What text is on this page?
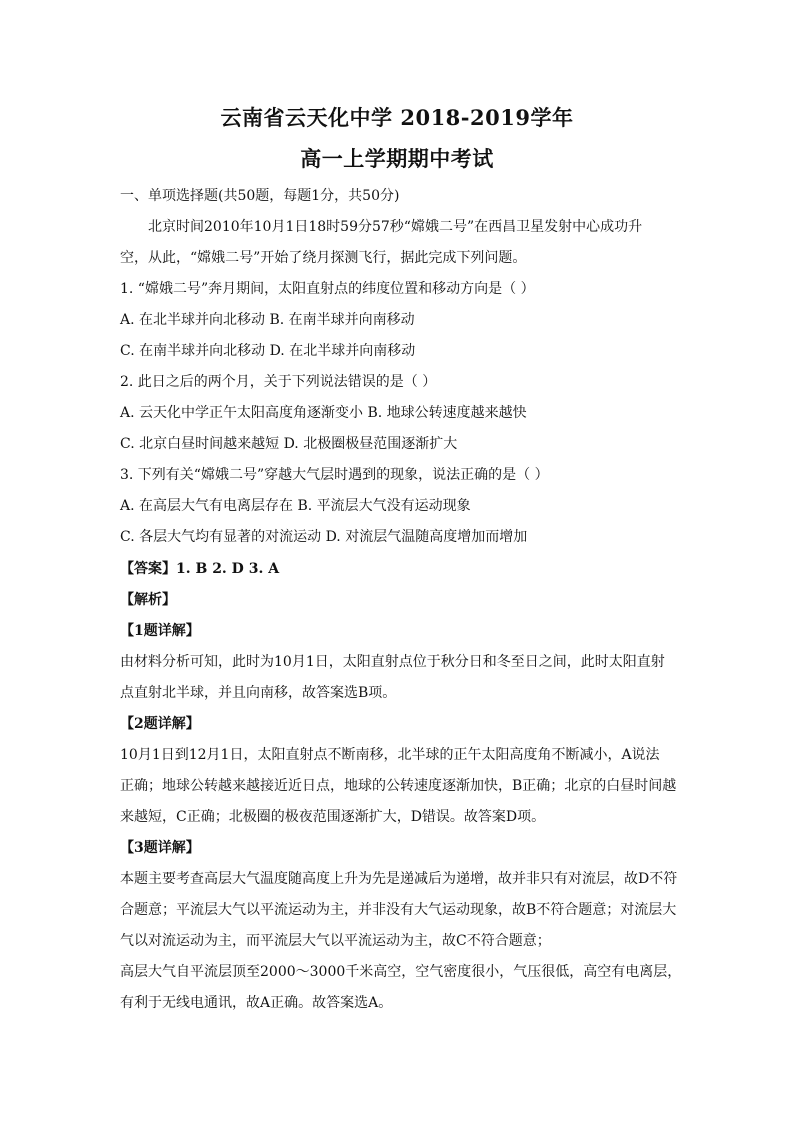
云南省云天化中学 2018-2019学年
高一上学期期中考试
一、单项选择题(共50题，每题1分，共50分)
北京时间2010年10月1日18时59分57秒“嫦娥二号”在西昌卫星发射中心成功升
空，从此，“嫦娥二号”开始了绕月探测飞行，据此完成下列问题。
1. “嫦娥二号”奔月期间，太阳直射点的纬度位置和移动方向是（ ）
A. 在北半球并向北移动 B. 在南半球并向南移动
C. 在南半球并向北移动 D. 在北半球并向南移动
2. 此日之后的两个月，关于下列说法错误的是（ ）
A. 云天化中学正午太阳高度角逐渐变小 B. 地球公转速度越来越快
C. 北京白昼时间越来越短 D. 北极圈极昼范围逐渐扩大
3. 下列有关“嫦娥二号”穿越大气层时遇到的现象，说法正确的是（ ）
A. 在高层大气有电离层存在 B. 平流层大气没有运动现象
C. 各层大气均有显著的对流运动 D. 对流层气温随高度增加而增加
【答案】1. B 2. D 3. A
【解析】
【1题详解】
由材料分析可知，此时为10月1日，太阳直射点位于秋分日和冬至日之间，此时太阳直射
点直射北半球，并且向南移，故答案选B项。
【2题详解】
10月1日到12月1日，太阳直射点不断南移，北半球的正午太阳高度角不断减小，A说法
正确；地球公转越来越接近近日点，地球的公转速度逐渐加快，B正确；北京的白昼时间越
来越短，C正确；北极圈的极夜范围逐渐扩大，D错误。故答案D项。
【3题详解】
本题主要考查高层大气温度随高度上升为先是递减后为递增，故并非只有对流层，故D不符
合题意；平流层大气以平流运动为主，并非没有大气运动现象，故B不符合题意；对流层大
气以对流运动为主，而平流层大气以平流运动为主，故C不符合题意；
高层大气自平流层顶至2000～3000千米高空，空气密度很小，气压很低，高空有电离层，
有利于无线电通讯，故A正确。故答案选A。
